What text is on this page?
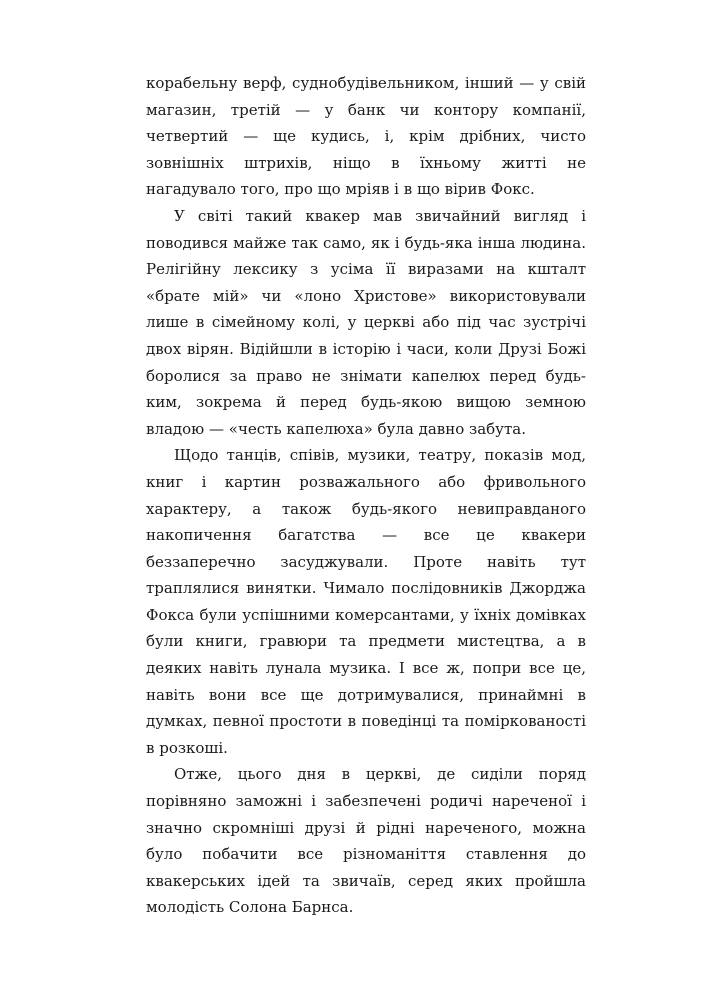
корабельну верф, суднобудівельником, інший — у свій магазин, третій — у банк чи контору компанії, четвертий — ще кудись, і, крім дрібних, чисто зовнішніх штрихів, ніщо в їхньому житті не нагадувало того, про що мріяв і в що вірив Фокс.

У світі такий квакер мав звичайний вигляд і поводився майже так само, як і будь-яка інша людина. Релігійну лексику з усіма її виразами на кшталт «брате мій» чи «лоно Христове» використовували лише в сімейному колі, у церкві або під час зустрічі двох вірян. Відійшли в історію і часи, коли Друзі Божі боролися за право не знімати капелюх перед будь-ким, зокрема й перед будь-якою вищою земною владою — «честь капелюха» була давно забута.

Щодо танців, співів, музики, театру, показів мод, книг і картин розважального або фривольного характеру, а також будь-якого невиправданого накопичення багатства — все це квакери беззаперечно засуджували. Проте навіть тут траплялися винятки. Чимало послідовників Джорджа Фокса були успішними комерсантами, у їхніх домівках були книги, гравюри та предмети мистецтва, а в деяких навіть лунала музика. І все ж, попри все це, навіть вони все ще дотримувалися, принаймні в думках, певної простоти в поведінці та помірковaності в розкоші.

Отже, цього дня в церкві, де сиділи поряд порівняно заможні і забезпечені родичі нареченої і значно скромніші друзі й рідні нареченого, можна було побачити все різноманіття ставлення до квакерських ідей та звичаїв, серед яких пройшла молодість Солона Барнса.
